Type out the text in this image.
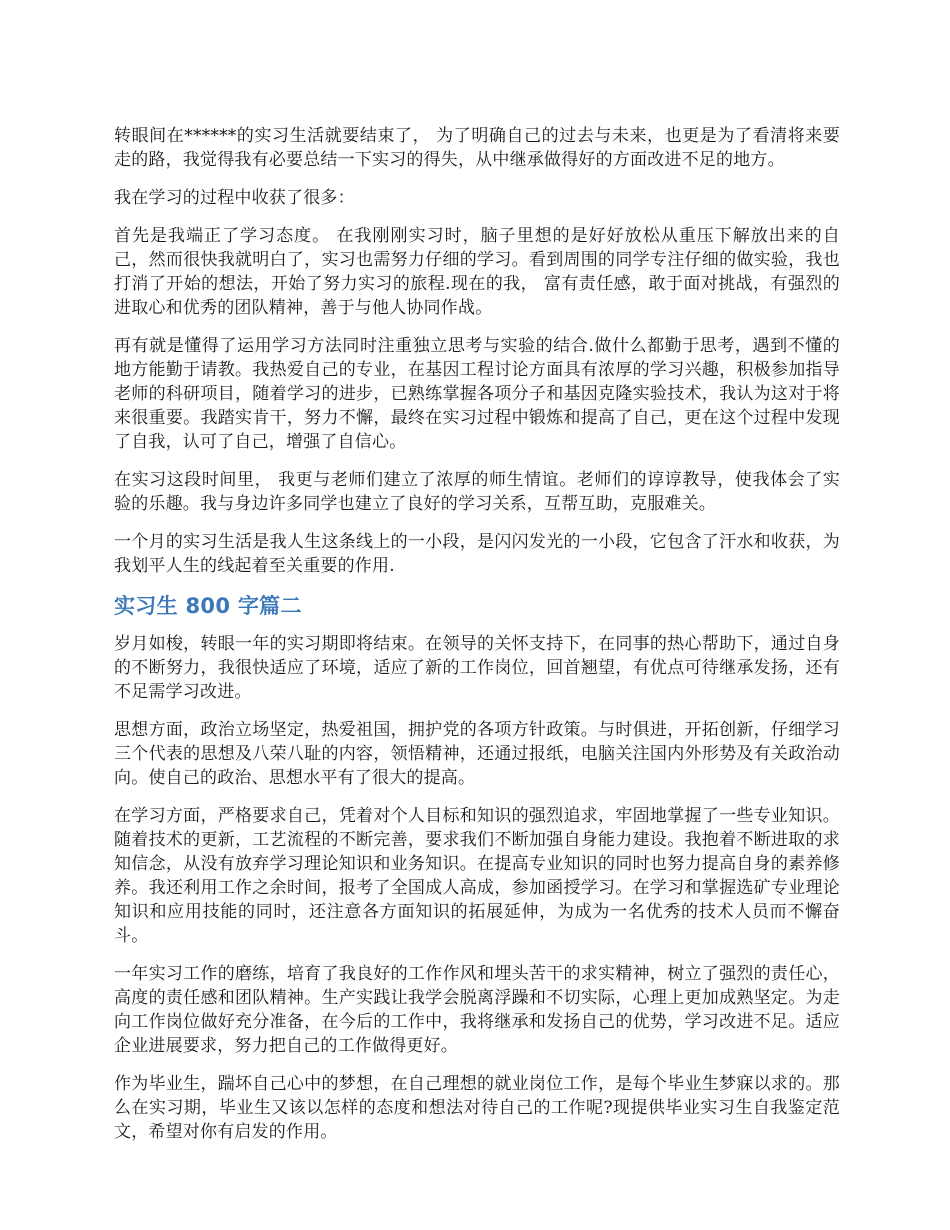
转眼间在******的实习生活就要结束了， 为了明确自己的过去与未来，也更是为了看清将来要走的路，我觉得我有必要总结一下实习的得失，从中继承做得好的方面改进不足的地方。

我在学习的过程中收获了很多：

首先是我端正了学习态度。 在我刚刚实习时，脑子里想的是好好放松从重压下解放出来的自己，然而很快我就明白了，实习也需努力仔细的学习。看到周围的同学专注仔细的做实验，我也打消了开始的想法，开始了努力实习的旅程.现在的我， 富有责任感，敢于面对挑战，有强烈的进取心和优秀的团队精神，善于与他人协同作战。

再有就是懂得了运用学习方法同时注重独立思考与实验的结合.做什么都勤于思考，遇到不懂的地方能勤于请教。我热爱自己的专业，在基因工程讨论方面具有浓厚的学习兴趣，积极参加指导老师的科研项目，随着学习的进步，已熟练掌握各项分子和基因克隆实验技术，我认为这对于将来很重要。我踏实肯干，努力不懈，最终在实习过程中锻炼和提高了自己，更在这个过程中发现了自我，认可了自己，增强了自信心。

在实习这段时间里， 我更与老师们建立了浓厚的师生情谊。老师们的谆谆教导，使我体会了实验的乐趣。我与身边许多同学也建立了良好的学习关系，互帮互助，克服难关。

一个月的实习生活是我人生这条线上的一小段，是闪闪发光的一小段，它包含了汗水和收获，为我划平人生的线起着至关重要的作用.

实习生 800 字篇二

岁月如梭，转眼一年的实习期即将结束。在领导的关怀支持下，在同事的热心帮助下，通过自身的不断努力，我很快适应了环境，适应了新的工作岗位，回首翘望，有优点可待继承发扬，还有不足需学习改进。

思想方面，政治立场坚定，热爱祖国，拥护党的各项方针政策。与时俱进，开拓创新，仔细学习三个代表的思想及八荣八耻的内容，领悟精神，还通过报纸，电脑关注国内外形势及有关政治动向。使自己的政治、思想水平有了很大的提高。

在学习方面，严格要求自己，凭着对个人目标和知识的强烈追求，牢固地掌握了一些专业知识。随着技术的更新，工艺流程的不断完善，要求我们不断加强自身能力建设。我抱着不断进取的求知信念，从没有放弃学习理论知识和业务知识。在提高专业知识的同时也努力提高自身的素养修养。我还利用工作之余时间，报考了全国成人高成，参加函授学习。在学习和掌握选矿专业理论知识和应用技能的同时，还注意各方面知识的拓展延伸，为成为一名优秀的技术人员而不懈奋斗。

一年实习工作的磨练，培育了我良好的工作作风和埋头苦干的求实精神，树立了强烈的责任心，高度的责任感和团队精神。生产实践让我学会脱离浮躁和不切实际，心理上更加成熟坚定。为走向工作岗位做好充分准备，在今后的工作中，我将继承和发扬自己的优势，学习改进不足。适应企业进展要求，努力把自己的工作做得更好。

作为毕业生，踹坏自己心中的梦想，在自己理想的就业岗位工作，是每个毕业生梦寐以求的。那么在实习期，毕业生又该以怎样的态度和想法对待自己的工作呢?现提供毕业实习生自我鉴定范文，希望对你有启发的作用。
